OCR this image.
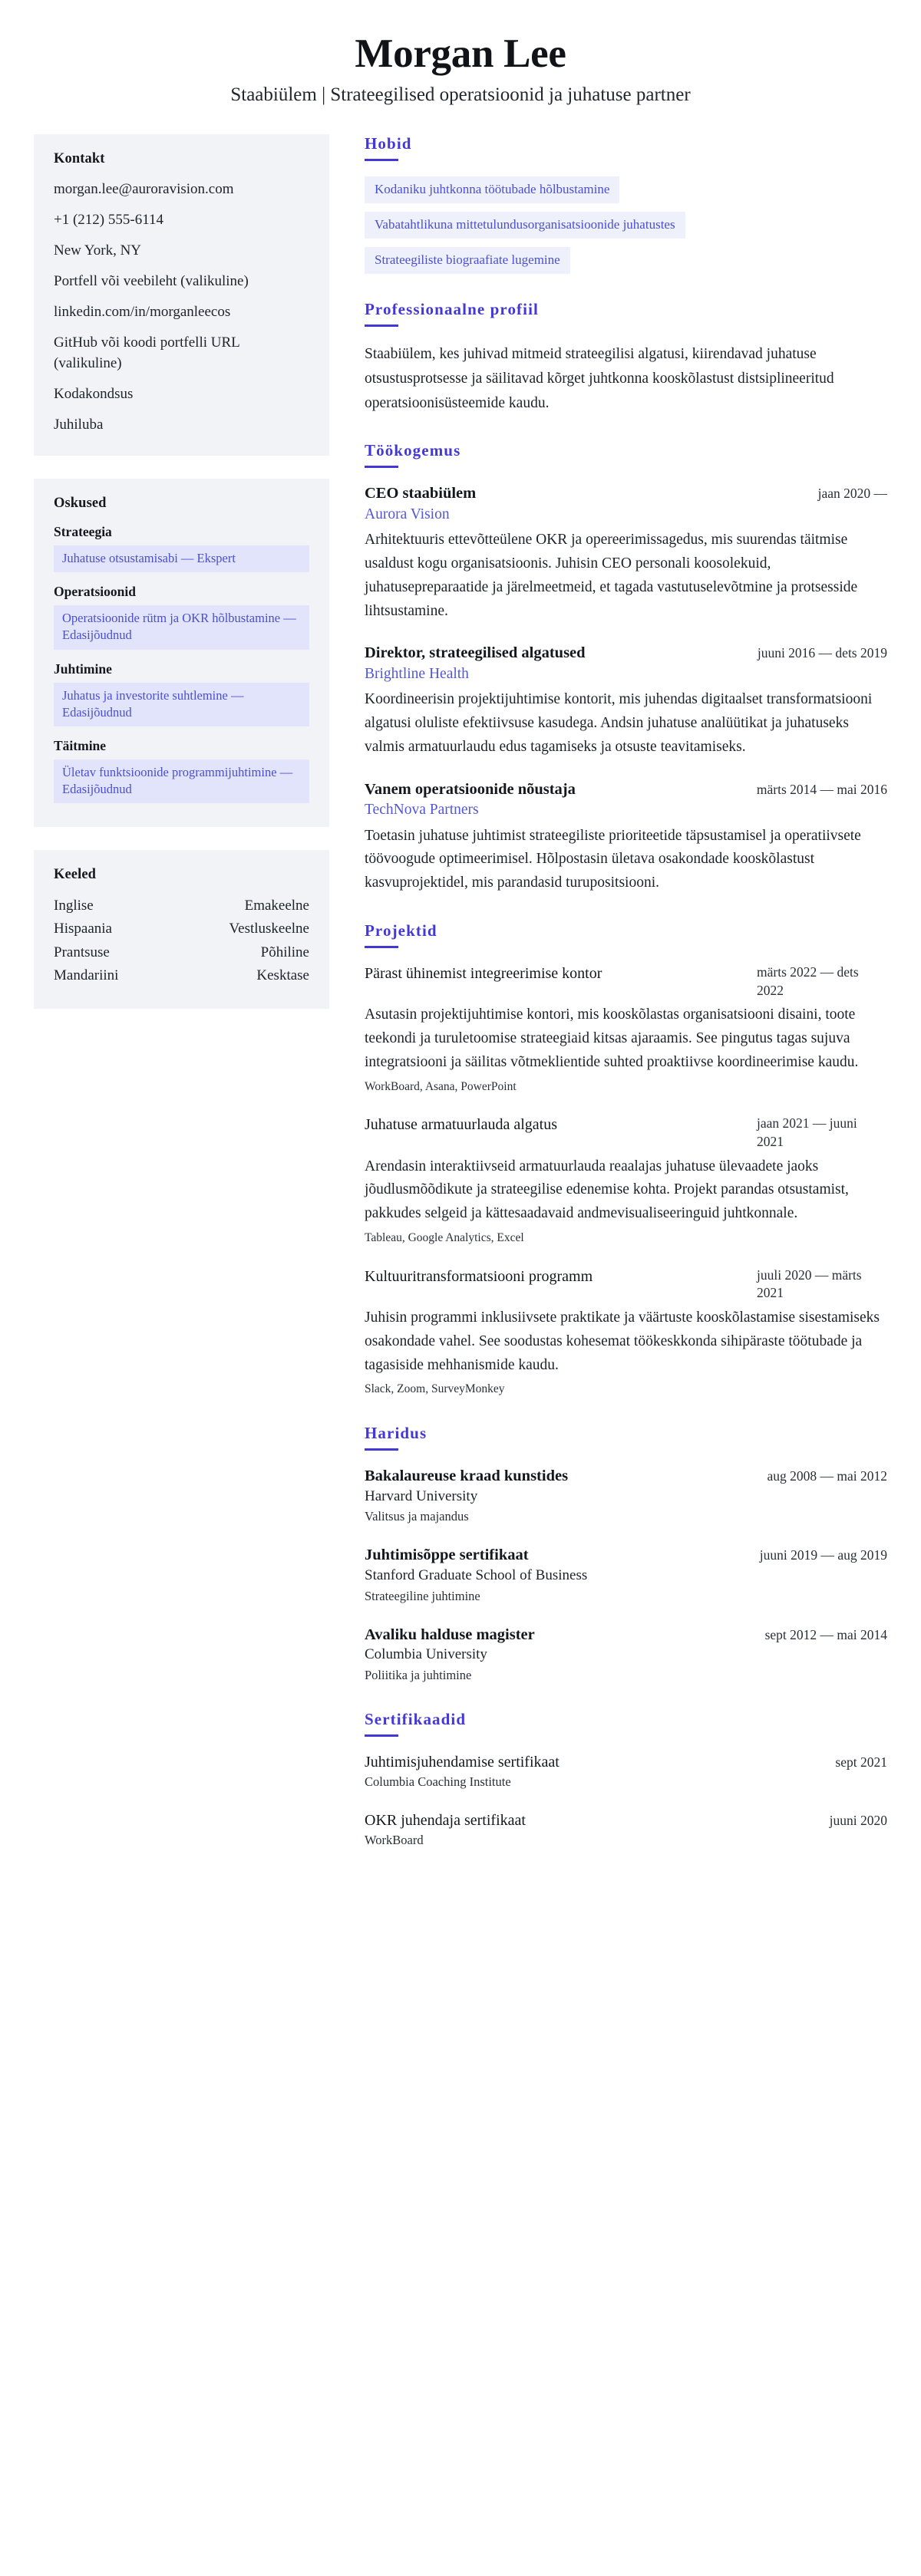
Morgan Lee
Staabiülem | Strateegilised operatsioonid ja juhatuse partner
Kontakt
morgan.lee@auroravision.com
+1 (212) 555-6114
New York, NY
Portfell või veebileht (valikuline)
linkedin.com/in/morganleecos
GitHub või koodi portfelli URL (valikuline)
Kodakondsus
Juhiluba
Oskused
Strateegia
Juhatuse otsustamisabi — Ekspert
Operatsioonid
Operatsioonide rütm ja OKR hõlbustamine — Edasijõudnud
Juhtimine
Juhatus ja investorite suhtlemine — Edasijõudnud
Täitmine
Ületav funktsioonide programmijuhtimine — Edasijõudnud
Keeled
Inglise	Emakeelne
Hispaania	Vestluskeelne
Prantsuse	Põhiline
Mandariini	Kesktase
Hobid
Kodaniku juhtkonna töötubade hõlbustamine
Vabatahtlikuna mittetulundusorganisatsioonide juhatustes
Strateegiliste biograafiate lugemine
Professionaalne profiil
Staabiülem, kes juhivad mitmeid strateegilisi algatusi, kiirendavad juhatuse otsustusprotsesse ja säilitavad kõrget juhtkonna kooskõlastust distsiplineeritud operatsioonisüsteemide kaudu.
Töökogemus
CEO staabiülem	jaan 2020 —
Aurora Vision
Arhitektuuris ettevõtteülene OKR ja opereerimissagedus, mis suurendas täitmise usaldust kogu organisatsioonis. Juhisin CEO personali koosolekuid, juhatusepreparaatide ja järelmeetmeid, et tagada vastutuselevõtmine ja protsesside lihtsustamine.
Direktor, strateegilised algatused	juuni 2016 — dets 2019
Brightline Health
Koordineerisin projektijuhtimise kontorit, mis juhendas digitaalset transformatsiooni algatusi oluliste efektiivsuse kasudega. Andsin juhatuse analüütikat ja juhatuseks valmis armatuurlaudu edus tagamiseks ja otsuste teavitamiseks.
Vanem operatsioonide nõustaja	märts 2014 — mai 2016
TechNova Partners
Toetasin juhatuse juhtimist strateegiliste prioriteetide täpsustamisel ja operatiivsete töövoogude optimeerimisel. Hõlpostasin ületava osakondade kooskõlastust kasvuprojektidel, mis parandasid turupositsiooni.
Projektid
Pärast ühinemist integreerimise kontor	märts 2022 — dets 2022
Asutasin projektijuhtimise kontori, mis kooskõlastas organisatsiooni disaini, toote teekondi ja turuletoomise strateegiaid kitsas ajaraamis. See pingutus tagas sujuva integratsiooni ja säilitas võtmeklientide suhted proaktiivse koordineerimise kaudu.
WorkBoard, Asana, PowerPoint
Juhatuse armatuurlauda algatus	jaan 2021 — juuni 2021
Arendasin interaktiivseid armatuurlauda reaalajas juhatuse ülevaadete jaoks jõudlusmõõdikute ja strateegilise edenemise kohta. Projekt parandas otsustamist, pakkudes selgeid ja kättesaadavaid andmevisualiseeringuid juhtkonnale.
Tableau, Google Analytics, Excel
Kultuuritransformatsiooni programm	juuli 2020 — märts 2021
Juhisin programmi inklusiivsete praktikate ja väärtuste kooskõlastamise sisestamiseks osakondade vahel. See soodustas kohesemat töökeskkonda sihipäraste töötubade ja tagasiside mehhanismide kaudu.
Slack, Zoom, SurveyMonkey
Haridus
Bakalaureuse kraad kunstides	aug 2008 — mai 2012
Harvard University
Valitsus ja majandus
Juhtimisõppe sertifikaat	juuni 2019 — aug 2019
Stanford Graduate School of Business
Strateegiline juhtimine
Avaliku halduse magister	sept 2012 — mai 2014
Columbia University
Poliitika ja juhtimine
Sertifikaadid
Juhtimisjuhendamise sertifikaat	sept 2021
Columbia Coaching Institute
OKR juhendaja sertifikaat	juuni 2020
WorkBoard
